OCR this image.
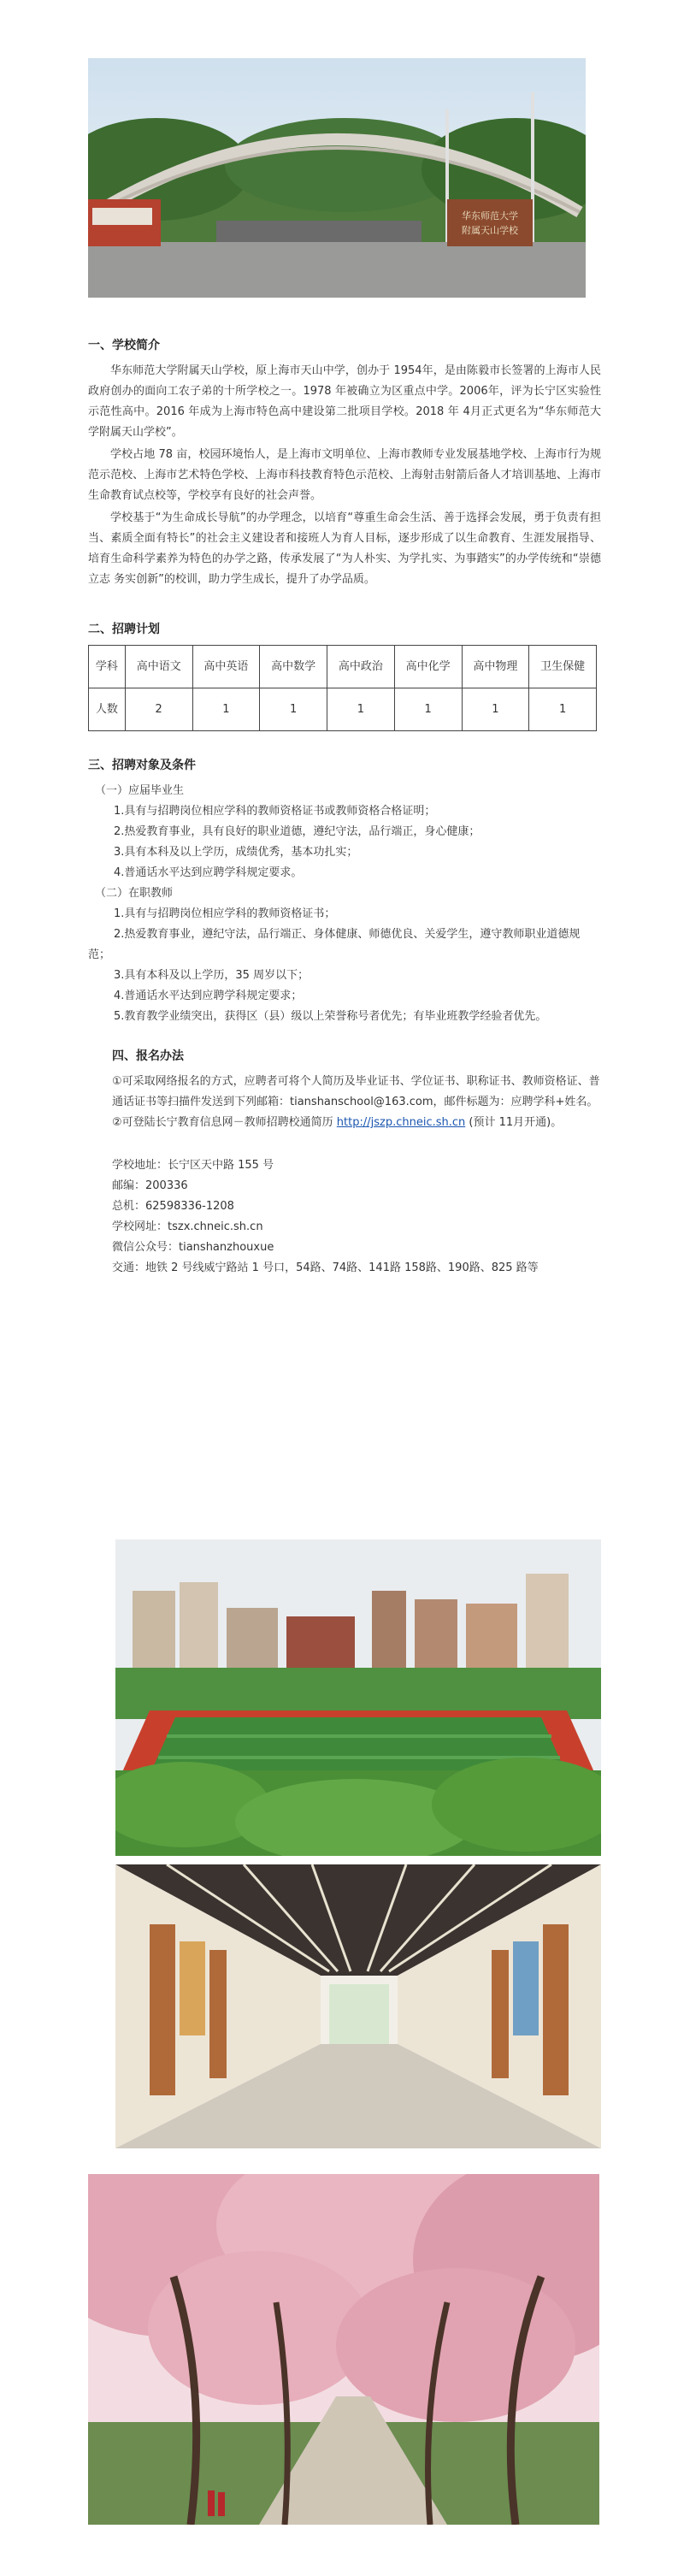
华东师范大学
附属天山学校
一、学校简介

华东师范大学附属天山学校，原上海市天山中学，创办于 1954年，是由陈毅市长签署的上海市人民政府创办的面向工农子弟的十所学校之一。1978 年被确立为区重点中学。2006年，评为长宁区实验性示范性高中。2016 年成为上海市特色高中建设第二批项目学校。2018 年 4月正式更名为“华东师范大学附属天山学校”。

学校占地 78 亩，校园环境怡人，是上海市文明单位、上海市教师专业发展基地学校、上海市行为规范示范校、上海市艺术特色学校、上海市科技教育特色示范校、上海射击射箭后备人才培训基地、上海市生命教育试点校等，学校享有良好的社会声誉。

学校基于“为生命成长导航”的办学理念，以培育“尊重生命会生活、善于选择会发展，勇于负责有担当、素质全面有特长”的社会主义建设者和接班人为育人目标，逐步形成了以生命教育、生涯发展指导、培育生命科学素养为特色的办学之路，传承发展了“为人朴实、为学扎实、为事踏实”的办学传统和“崇德立志 务实创新”的校训，助力学生成长，提升了办学品质。

二、招聘计划
学科	高中语文	高中英语	高中数学	高中政治	高中化学	高中物理	卫生保健
人数	2	1	1	1	1	1	1
三、招聘对象及条件
（一）应届毕业生
1.具有与招聘岗位相应学科的教师资格证书或教师资格合格证明；
2.热爱教育事业，具有良好的职业道德，遵纪守法，品行端正，身心健康；
3.具有本科及以上学历，成绩优秀，基本功扎实；
4.普通话水平达到应聘学科规定要求。
（二）在职教师
1.具有与招聘岗位相应学科的教师资格证书；
2.热爱教育事业，遵纪守法，品行端正、身体健康、师德优良、关爱学生，遵守教师职业道德规范；
3.具有本科及以上学历，35 周岁以下；
4.普通话水平达到应聘学科规定要求；
5.教育教学业绩突出，获得区（县）级以上荣誉称号者优先；有毕业班教学经验者优先。
四、报名办法
①可采取网络报名的方式，应聘者可将个人简历及毕业证书、学位证书、职称证书、教师资格证、普通话证书等扫描件发送到下列邮箱：tianshanschool@163.com，邮件标题为：应聘学科+姓名。
②可登陆长宁教育信息网－教师招聘校通简历 http://jszp.chneic.sh.cn (预计 11月开通)。
学校地址：长宁区天中路 155 号
邮编：200336
总机：62598336-1208
学校网址：tszx.chneic.sh.cn
微信公众号：tianshanzhouxue
交通：地铁 2 号线威宁路站 1 号口，54路、74路、141路 158路、190路、825 路等
